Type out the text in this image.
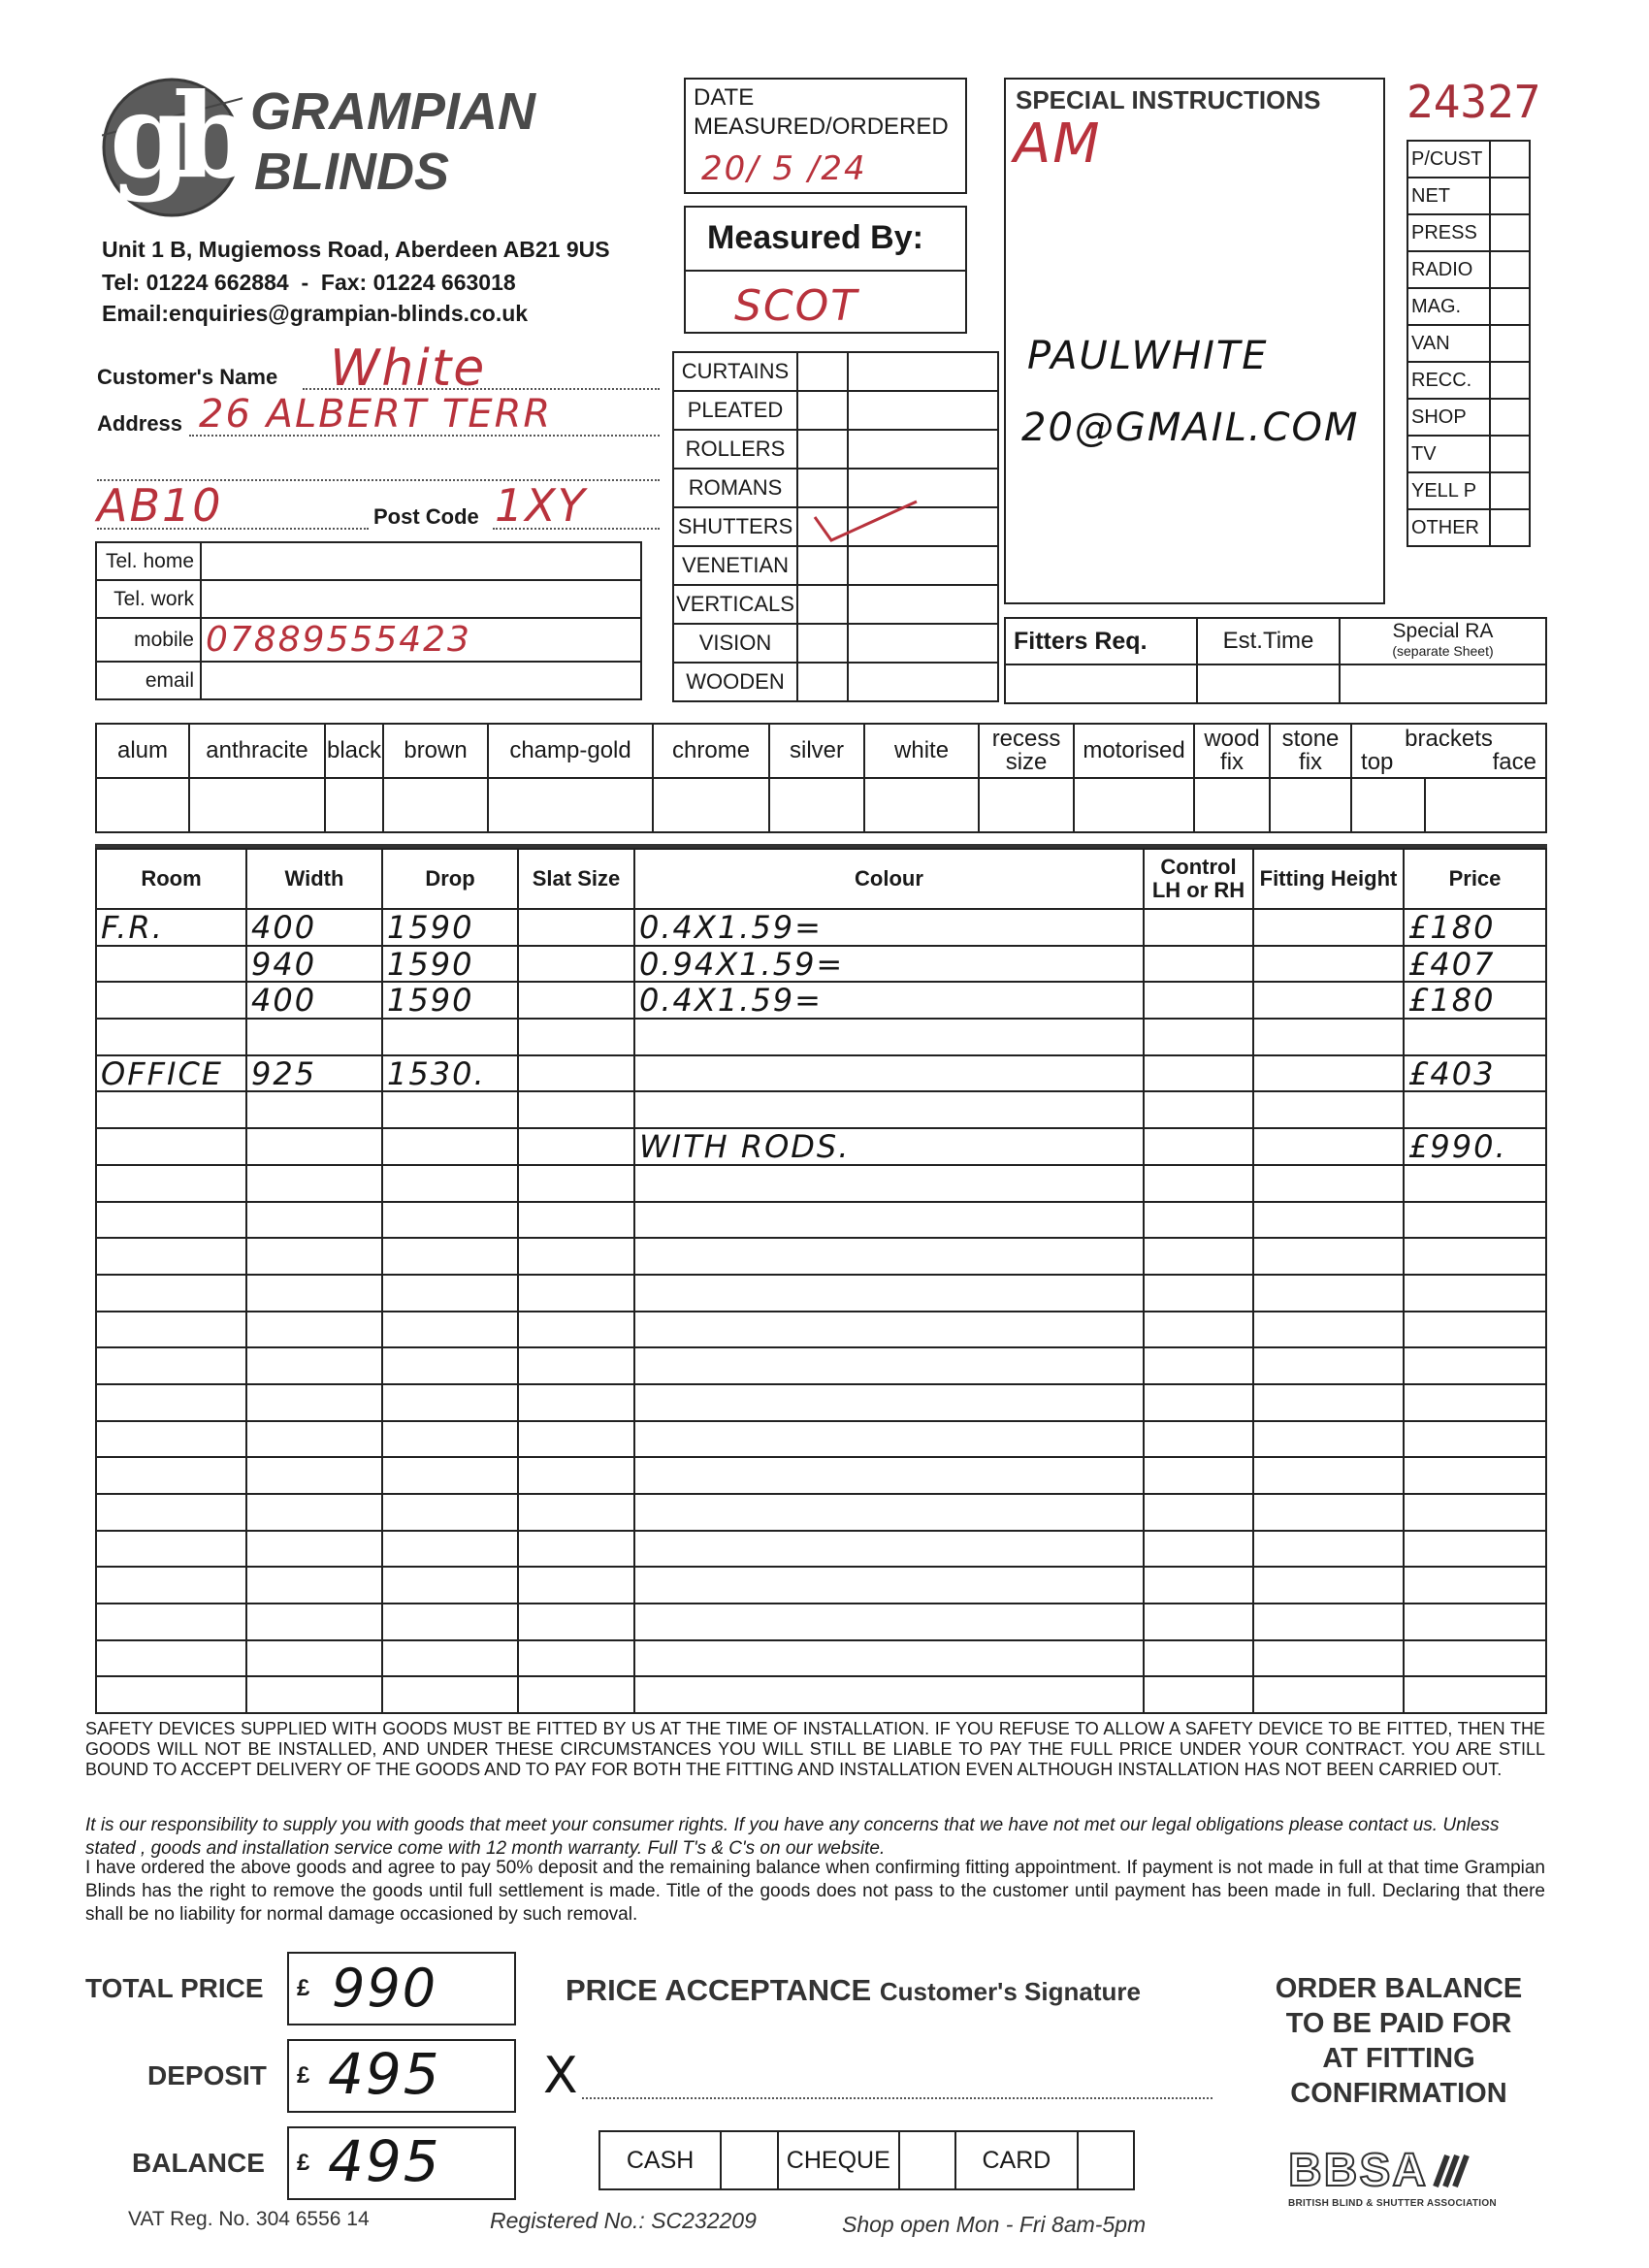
gb GRAMPIAN
BLINDS
Unit 1 B, Mugiemoss Road, Aberdeen AB21 9US
Tel: 01224 662884  -  Fax: 01224 663018
Email:enquiries@grampian-blinds.co.uk
DATE MEASURED/ORDERED
20/ 5 /24
Measured By:
SCOT
SPECIAL INSTRUCTIONS
AM
PAULWHITE
20@GMAIL.COM
24327
P/CUST	
NET	
PRESS	
RADIO	
MAG.	
VAN	
RECC.	
SHOP	
TV	
YELL P	
OTHER	
Customer's Name White
Address 26 ALBERT TERR
AB10	Post Code 1XY
Tel. home	
Tel. work	
mobile	07889555423
email	
CURTAINS		
PLEATED		
ROLLERS		
ROMANS		
SHUTTERS		
VENETIAN		
VERTICALS		
VISION		
WOODEN		
Fitters Req.	Est.Time	Special RA
(separate Sheet)

alum	anthracite	black	brown	champ-gold	chrome	silver	white	recess size	motorised	wood fix	stone fix	brackets
top face	

Room	Width	Drop	Slat Size	Colour	Control LH or RH	Fitting Height	Price
F.R.	400	1590		0.4X1.59=			£180
	940	1590		0.94X1.59=			£407
	400	1590		0.4X1.59=			£180

OFFICE	925	1530.					£403

				WITH RODS.			£990.

SAFETY DEVICES SUPPLIED WITH GOODS MUST BE FITTED BY US AT THE TIME OF INSTALLATION. IF YOU REFUSE TO ALLOW A SAFETY DEVICE TO BE FITTED, THEN THE GOODS WILL NOT BE INSTALLED, AND UNDER THESE CIRCUMSTANCES YOU WILL STILL BE LIABLE TO PAY THE FULL PRICE UNDER YOUR CONTRACT. YOU ARE STILL BOUND TO ACCEPT DELIVERY OF THE GOODS AND TO PAY FOR BOTH THE FITTING AND INSTALLATION EVEN ALTHOUGH INSTALLATION HAS NOT BEEN CARRIED OUT.
It is our responsibility to supply you with goods that meet your consumer rights. If you have any concerns that we have not met our legal obligations please contact us. Unless stated , goods and installation service come with 12 month warranty. Full T's & C's on our website.
I have ordered the above goods and agree to pay 50% deposit and the remaining balance when confirming fitting appointment. If payment is not made in full at that time Grampian Blinds has the right to remove the goods until full settlement is made. Title of the goods does not pass to the customer until payment has been made in full. Declaring that there shall be no liability for normal damage occasioned by such removal.
TOTAL PRICE £ 990
DEPOSIT £ 495
BALANCE £ 495
PRICE ACCEPTANCE Customer's Signature
X
CASH		CHEQUE		CARD	
ORDER BALANCE
TO BE PAID FOR
AT FITTING
CONFIRMATION
BBSA
BRITISH BLIND & SHUTTER ASSOCIATION
VAT Reg. No. 304 6556 14	Registered No.: SC232209	Shop open Mon - Fri 8am-5pm
